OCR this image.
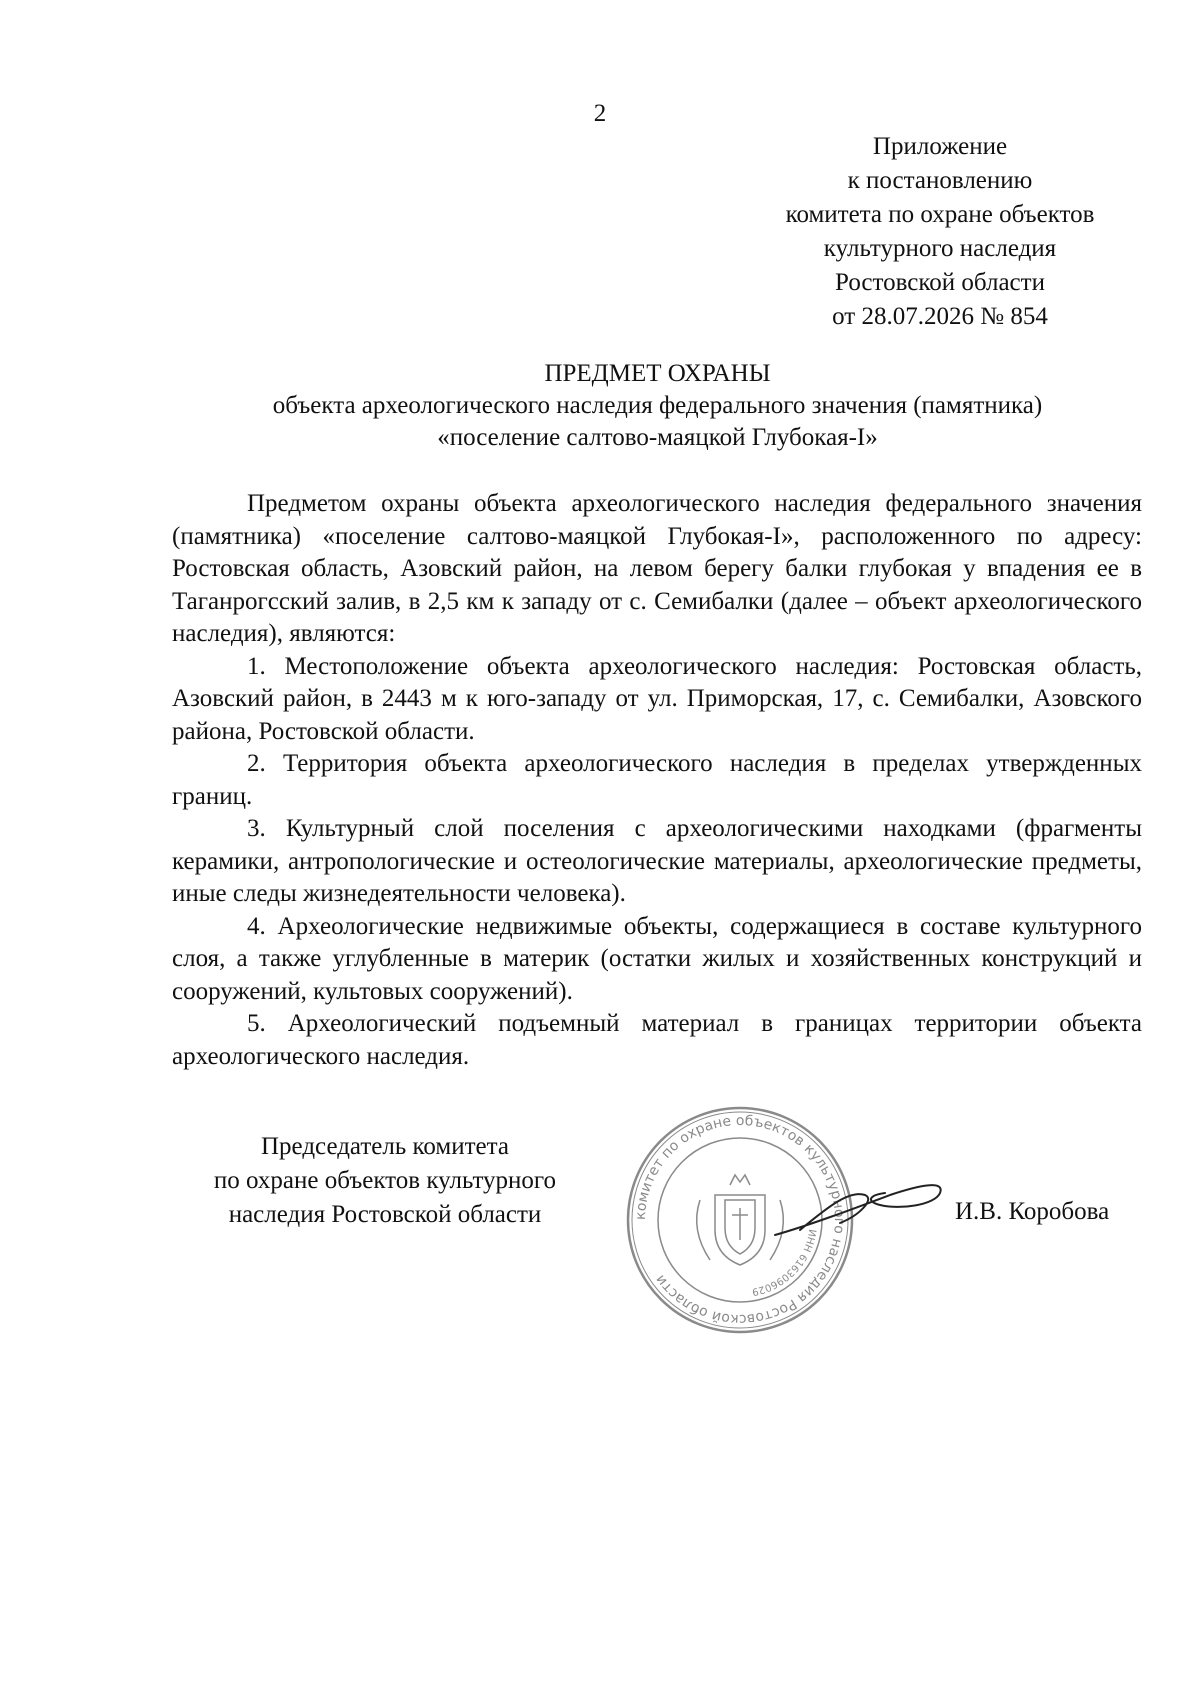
2
Приложение
к постановлению
комитета по охране объектов
культурного наследия
Ростовской области
от 28.07.2026 № 854
ПРЕДМЕТ ОХРАНЫ
объекта археологического наследия федерального значения (памятника)
«поселение салтово-маяцкой Глубокая-I»

Предметом охраны объекта археологического наследия федерального значения (памятника) «поселение салтово-маяцкой Глубокая-I», расположенного по адресу: Ростовская область, Азовский район, на левом берегу балки глубокая у впадения ее в Таганрогсский залив, в 2,5 км к западу от с. Семибалки (далее – объект археологического наследия), являются:

1. Местоположение объекта археологического наследия: Ростовская область, Азовский район, в 2443 м к юго-западу от ул. Приморская, 17, с. Семибалки, Азовского района, Ростовской области.

2. Территория объекта археологического наследия в пределах утвержденных границ.

3. Культурный слой поселения с археологическими находками (фрагменты керамики, антропологические и остеологические материалы, археологические предметы, иные следы жизнедеятельности человека).

4. Археологические недвижимые объекты, содержащиеся в составе культурного слоя, а также углубленные в материк (остатки жилых и хозяйственных конструкций и сооружений, культовых сооружений).

5. Археологический подъемный материал в границах территории объекта археологического наследия.

Председатель комитета
по охране объектов культурного
наследия Ростовской области	комитет по охране объектов культурного наследия Ростовской области
ИНН 6163096029
И.В. Коробова
